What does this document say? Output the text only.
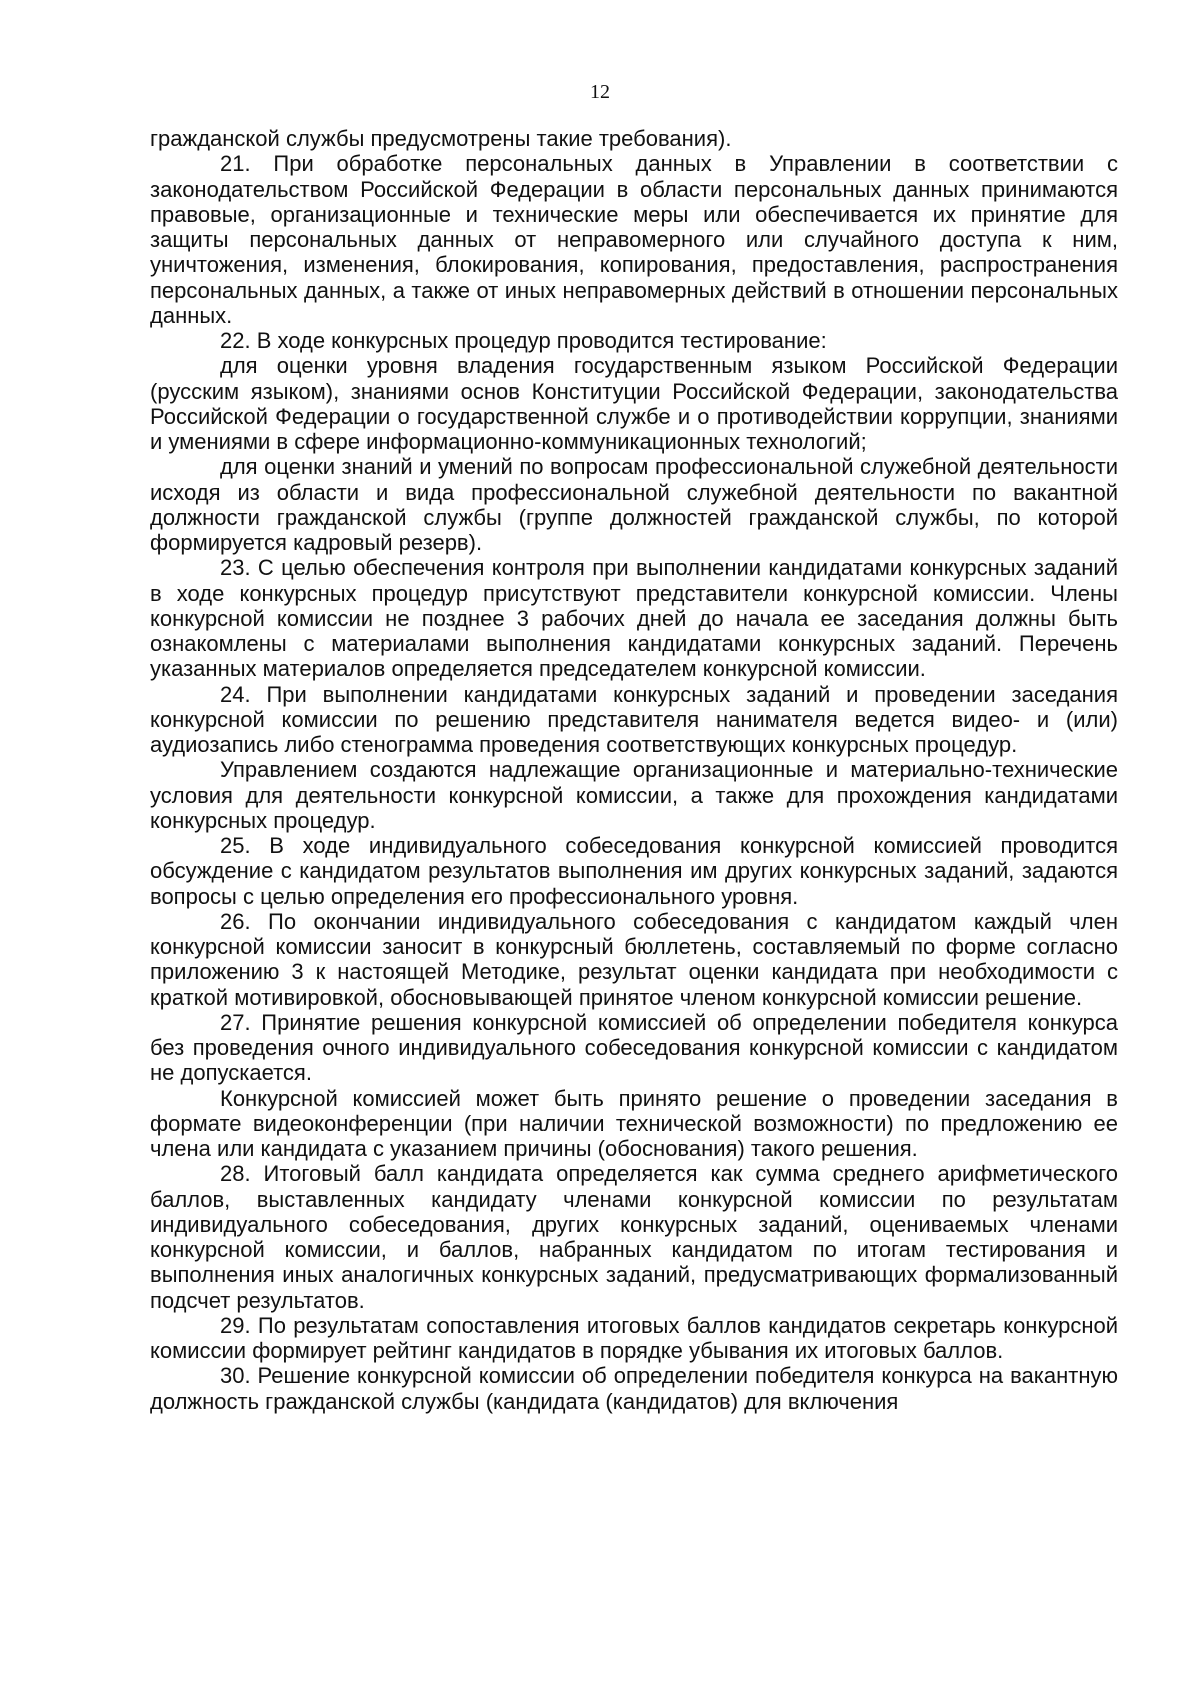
12

гражданской службы предусмотрены такие требования).

21. При обработке персональных данных в Управлении в соответствии с законодательством Российской Федерации в области персональных данных принимаются правовые, организационные и технические меры или обеспечивается их принятие для защиты персональных данных от неправомерного или случайного доступа к ним, уничтожения, изменения, блокирования, копирования, предоставления, распространения персональных данных, а также от иных неправомерных действий в отношении персональных данных.

22. В ходе конкурсных процедур проводится тестирование:

для оценки уровня владения государственным языком Российской Федерации (русским языком), знаниями основ Конституции Российской Федерации, законодательства Российской Федерации о государственной службе и о противодействии коррупции, знаниями и умениями в сфере информационно-коммуникационных технологий;

для оценки знаний и умений по вопросам профессиональной служебной деятельности исходя из области и вида профессиональной служебной деятельности по вакантной должности гражданской службы (группе должностей гражданской службы, по которой формируется кадровый резерв).

23. С целью обеспечения контроля при выполнении кандидатами конкурсных заданий в ходе конкурсных процедур присутствуют представители конкурсной комиссии. Члены конкурсной комиссии не позднее 3 рабочих дней до начала ее заседания должны быть ознакомлены с материалами выполнения кандидатами конкурсных заданий. Перечень указанных материалов определяется председателем конкурсной комиссии.

24. При выполнении кандидатами конкурсных заданий и проведении заседания конкурсной комиссии по решению представителя нанимателя ведется видео- и (или) аудиозапись либо стенограмма проведения соответствующих конкурсных процедур.

Управлением создаются надлежащие организационные и материально-технические условия для деятельности конкурсной комиссии, а также для прохождения кандидатами конкурсных процедур.

25. В ходе индивидуального собеседования конкурсной комиссией проводится обсуждение с кандидатом результатов выполнения им других конкурсных заданий, задаются вопросы с целью определения его профессионального уровня.

26. По окончании индивидуального собеседования с кандидатом каждый член конкурсной комиссии заносит в конкурсный бюллетень, составляемый по форме согласно приложению 3 к настоящей Методике, результат оценки кандидата при необходимости с краткой мотивировкой, обосновывающей принятое членом конкурсной комиссии решение.

27. Принятие решения конкурсной комиссией об определении победителя конкурса без проведения очного индивидуального собеседования конкурсной комиссии с кандидатом не допускается.

Конкурсной комиссией может быть принято решение о проведении заседания в формате видеоконференции (при наличии технической возможности) по предложению ее члена или кандидата с указанием причины (обоснования) такого решения.

28. Итоговый балл кандидата определяется как сумма среднего арифметического баллов, выставленных кандидату членами конкурсной комиссии по результатам индивидуального собеседования, других конкурсных заданий, оцениваемых членами конкурсной комиссии, и баллов, набранных кандидатом по итогам тестирования и выполнения иных аналогичных конкурсных заданий, предусматривающих формализованный подсчет результатов.

29. По результатам сопоставления итоговых баллов кандидатов секретарь конкурсной комиссии формирует рейтинг кандидатов в порядке убывания их итоговых баллов.

30. Решение конкурсной комиссии об определении победителя конкурса на вакантную должность гражданской службы (кандидата (кандидатов) для включения
